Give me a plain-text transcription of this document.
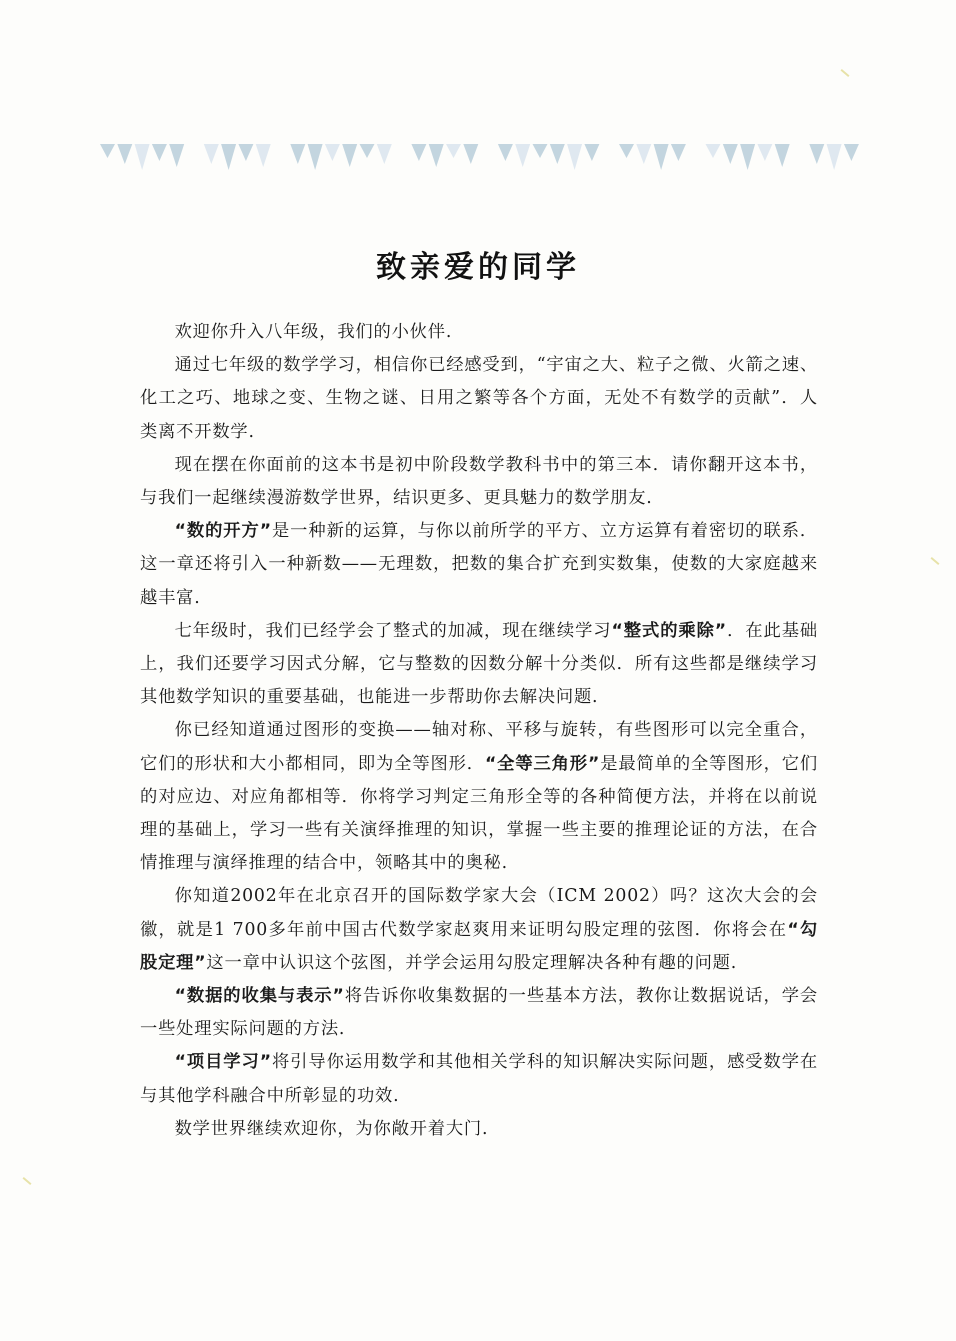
致亲爱的同学

欢迎你升入八年级，我们的小伙伴.

通过七年级的数学学习，相信你已经感受到，“宇宙之大、粒子之微、火箭之速、化工之巧、地球之变、生物之谜、日用之繁等各个方面，无处不有数学的贡献”．人类离不开数学.

现在摆在你面前的这本书是初中阶段数学教科书中的第三本．请你翻开这本书，与我们一起继续漫游数学世界，结识更多、更具魅力的数学朋友.

“数的开方”是一种新的运算，与你以前所学的平方、立方运算有着密切的联系．这一章还将引入一种新数——无理数，把数的集合扩充到实数集，使数的大家庭越来越丰富.

七年级时，我们已经学会了整式的加减，现在继续学习“整式的乘除”．在此基础上，我们还要学习因式分解，它与整数的因数分解十分类似．所有这些都是继续学习其他数学知识的重要基础，也能进一步帮助你去解决问题.

你已经知道通过图形的变换——轴对称、平移与旋转，有些图形可以完全重合，它们的形状和大小都相同，即为全等图形．“全等三角形”是最简单的全等图形，它们的对应边、对应角都相等．你将学习判定三角形全等的各种简便方法，并将在以前说理的基础上，学习一些有关演绎推理的知识，掌握一些主要的推理论证的方法，在合情推理与演绎推理的结合中，领略其中的奥秘.

你知道2002年在北京召开的国际数学家大会（ICM 2002）吗？这次大会的会徽，就是1 700多年前中国古代数学家赵爽用来证明勾股定理的弦图．你将会在“勾股定理”这一章中认识这个弦图，并学会运用勾股定理解决各种有趣的问题.

“数据的收集与表示”将告诉你收集数据的一些基本方法，教你让数据说话，学会一些处理实际问题的方法.

“项目学习”将引导你运用数学和其他相关学科的知识解决实际问题，感受数学在与其他学科融合中所彰显的功效.

数学世界继续欢迎你，为你敞开着大门.
